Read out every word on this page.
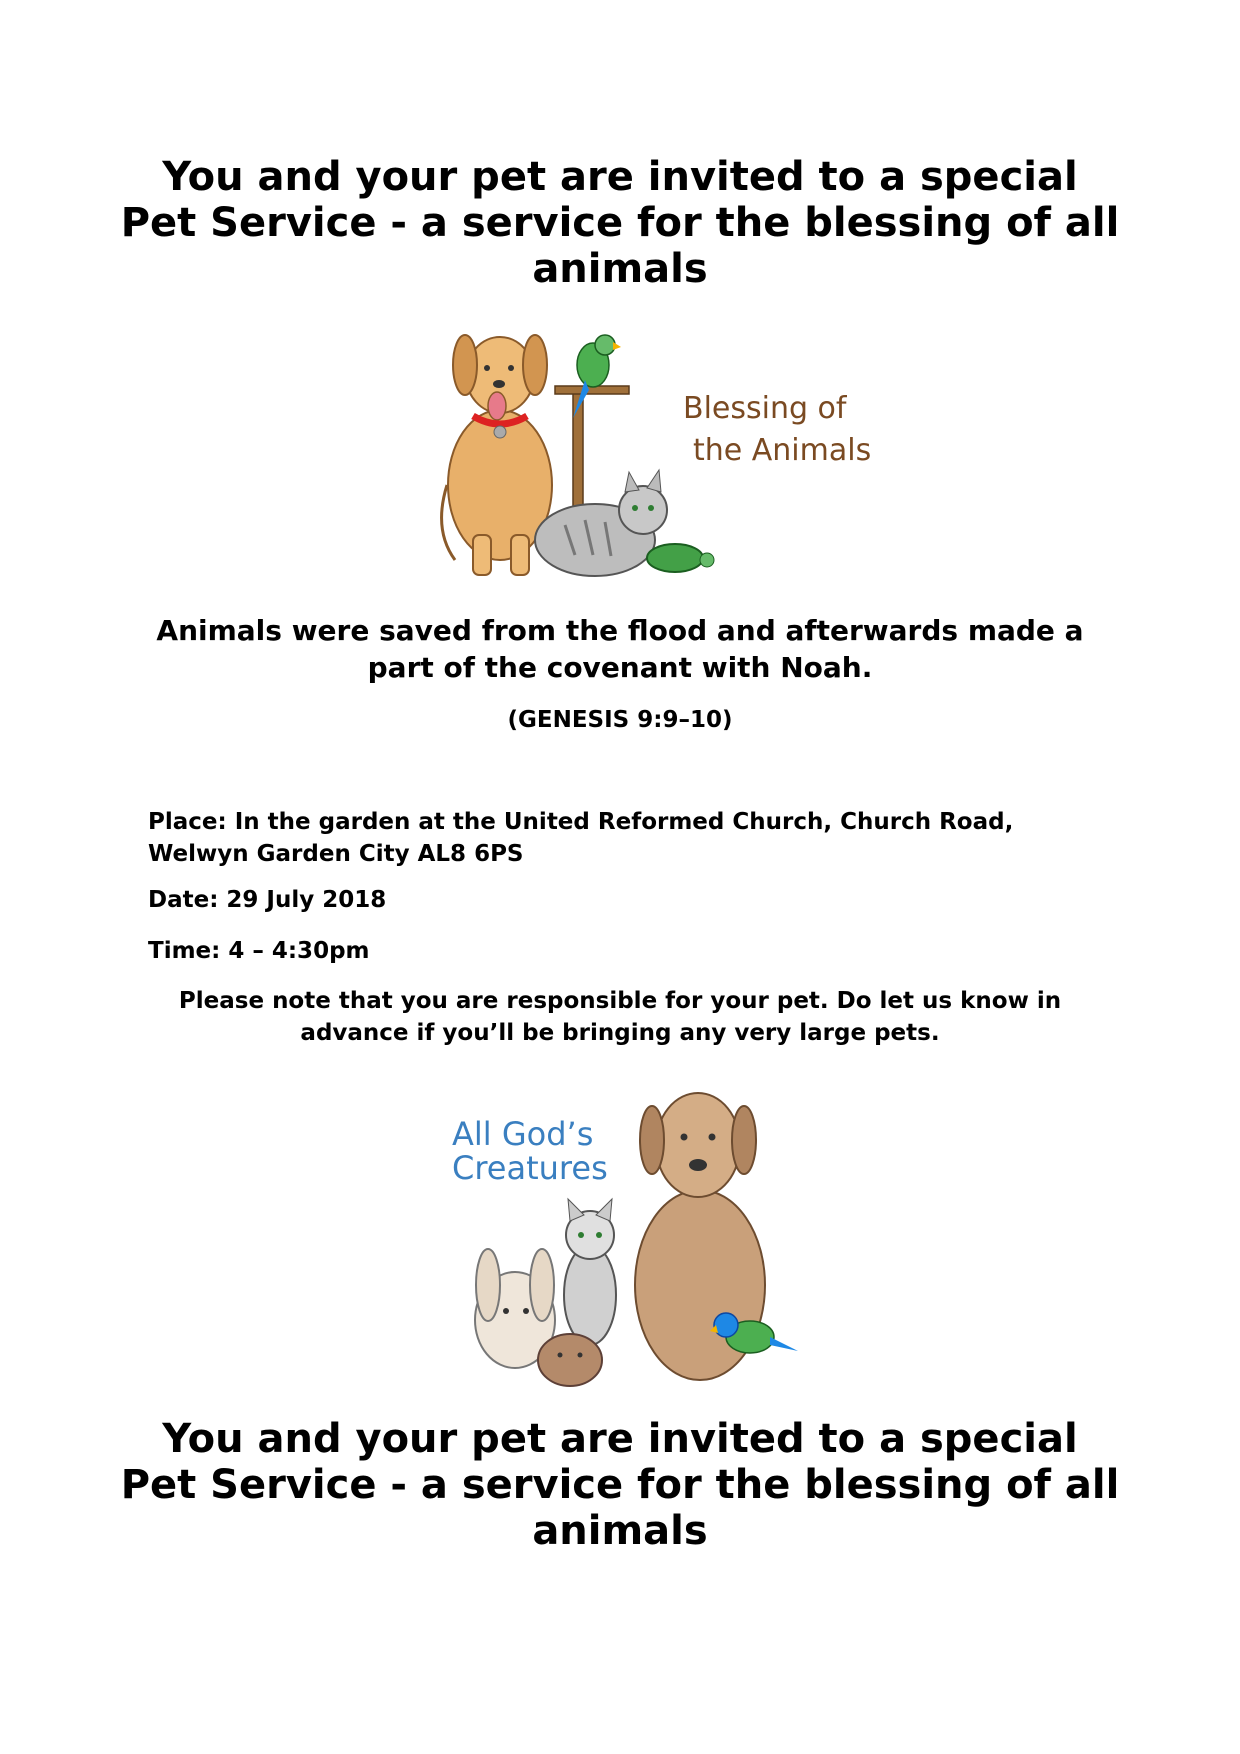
You and your pet are invited to a special Pet Service - a service for the blessing of all animals
Blessing of
the Animals

Animals were saved from the flood and afterwards made a part of the covenant with Noah.

(GENESIS 9:9–10)

Place: In the garden at the United Reformed Church, Church Road, Welwyn Garden City AL8 6PS

Date: 29 July 2018

Time: 4 – 4:30pm

Please note that you are responsible for your pet. Do let us know in advance if you’ll be bringing any very large pets.

All God’s
Creatures
You and your pet are invited to a special Pet Service - a service for the blessing of all animals
